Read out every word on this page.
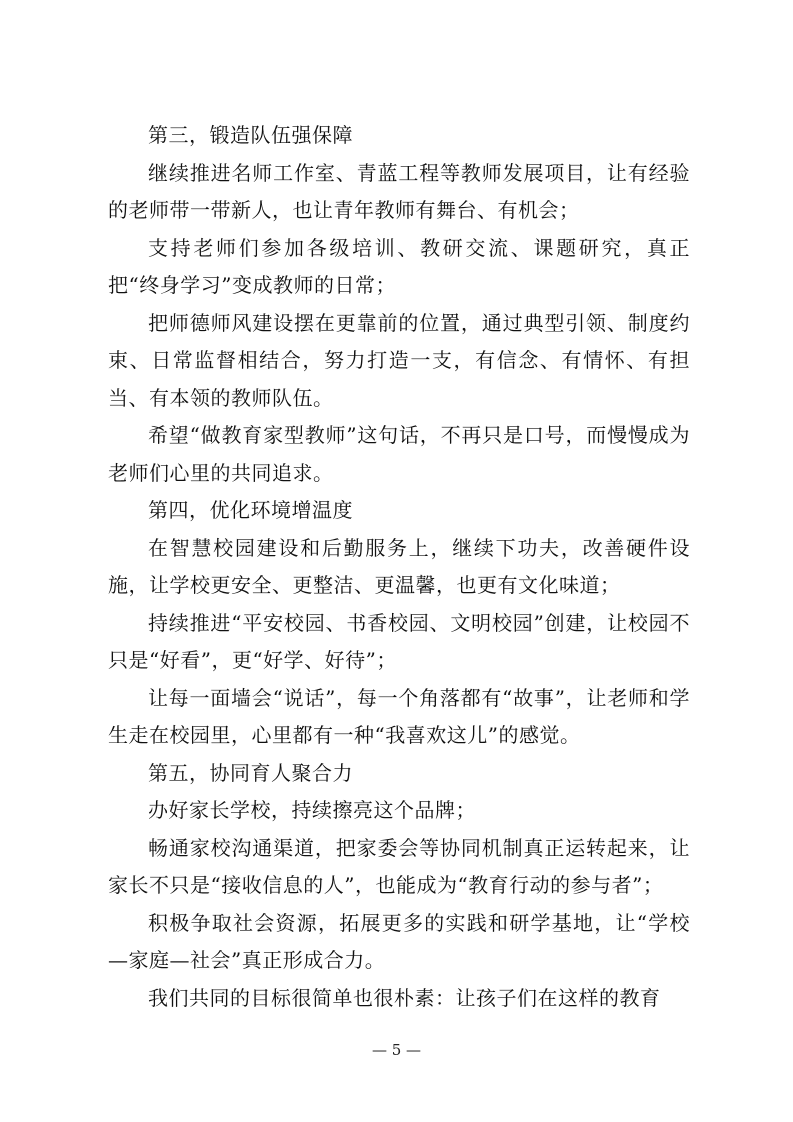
第三，锻造队伍强保障

继续推进名师工作室、青蓝工程等教师发展项目，让有经验的老师带一带新人，也让青年教师有舞台、有机会；

支持老师们参加各级培训、教研交流、课题研究，真正把“终身学习”变成教师的日常；

把师德师风建设摆在更靠前的位置，通过典型引领、制度约束、日常监督相结合，努力打造一支，有信念、有情怀、有担当、有本领的教师队伍。

希望“做教育家型教师”这句话，不再只是口号，而慢慢成为老师们心里的共同追求。

第四，优化环境增温度

在智慧校园建设和后勤服务上，继续下功夫，改善硬件设施，让学校更安全、更整洁、更温馨，也更有文化味道；

持续推进“平安校园、书香校园、文明校园”创建，让校园不只是“好看”，更“好学、好待”；

让每一面墙会“说话”，每一个角落都有“故事”，让老师和学生走在校园里，心里都有一种“我喜欢这儿”的感觉。

第五，协同育人聚合力

办好家长学校，持续擦亮这个品牌；

畅通家校沟通渠道，把家委会等协同机制真正运转起来，让家长不只是“接收信息的人”，也能成为“教育行动的参与者”；

积极争取社会资源，拓展更多的实践和研学基地，让“学校—家庭—社会”真正形成合力。

我们共同的目标很简单也很朴素：让孩子们在这样的教育

— 5 —
